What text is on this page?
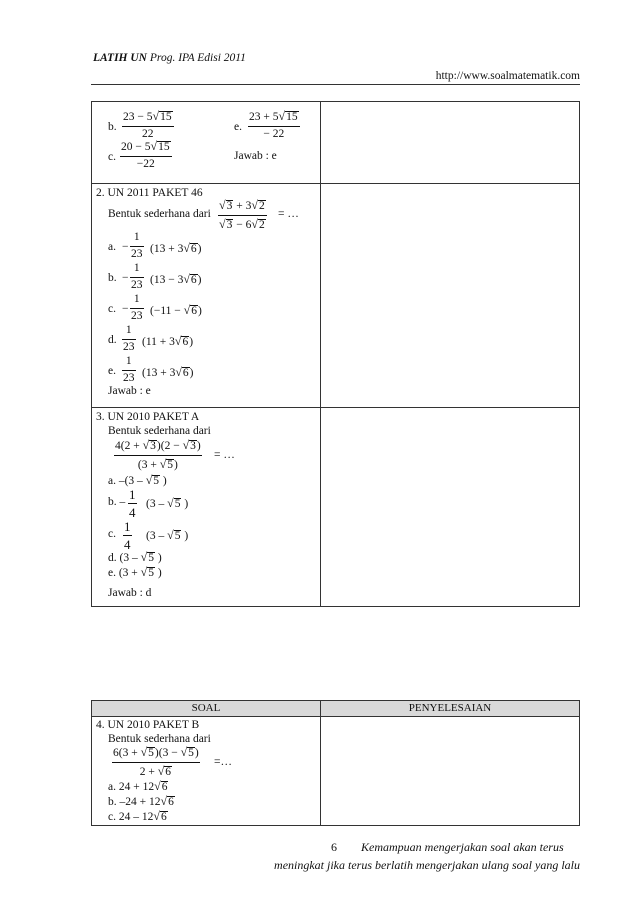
LATIH UN Prog. IPA Edisi 2011
http://www.soalmatematik.com
b. $\frac{23 - 5√15}{22}$
c. $\frac{20 - 5√15}{-22}$
e. $\frac{23 + 5√15}{- 22}$
Jawab : e
2. UN 2011 PAKET 46
Bentuk sederhana dari $\frac{√3 + 3√2}{√3 - 6√2}$ = …
Jawab : e
a. − $\frac{1}{23} (13 + 3√6)$
b. − $\frac{1}{23} (13 - 3√6)$
c. − $\frac{1}{23} (-11 - √6)$
d. $\frac{1}{23} (11 + 3√6)$
e. $\frac{1}{23} (13 + 3√6)$
3. UN 2010 PAKET A
Bentuk sederhana dari
$\frac{4(2 + √3)(2 - √3)}{(3 + √5)}$ = …
a. –(3 – √5 )
b. – $\frac{1}{4} (3 - √5$ )
c. $\frac{1}{4} (3 - √5$ )
d. (3 – √5 )
e. (3 + √5 )
Jawab : d
SOAL	PENYELESAIAN
4. UN 2010 PAKET B
Bentuk sederhana dari
$\frac{6(3 + √5)(3 - √5)}{2 + √6}$ =…
a. 24 + 12√6
b. –24 + 12√6
c. 24 – 12√6
6 Kemampuan mengerjakan soal akan terus
meningkat jika terus berlatih mengerjakan ulang soal yang lalu
